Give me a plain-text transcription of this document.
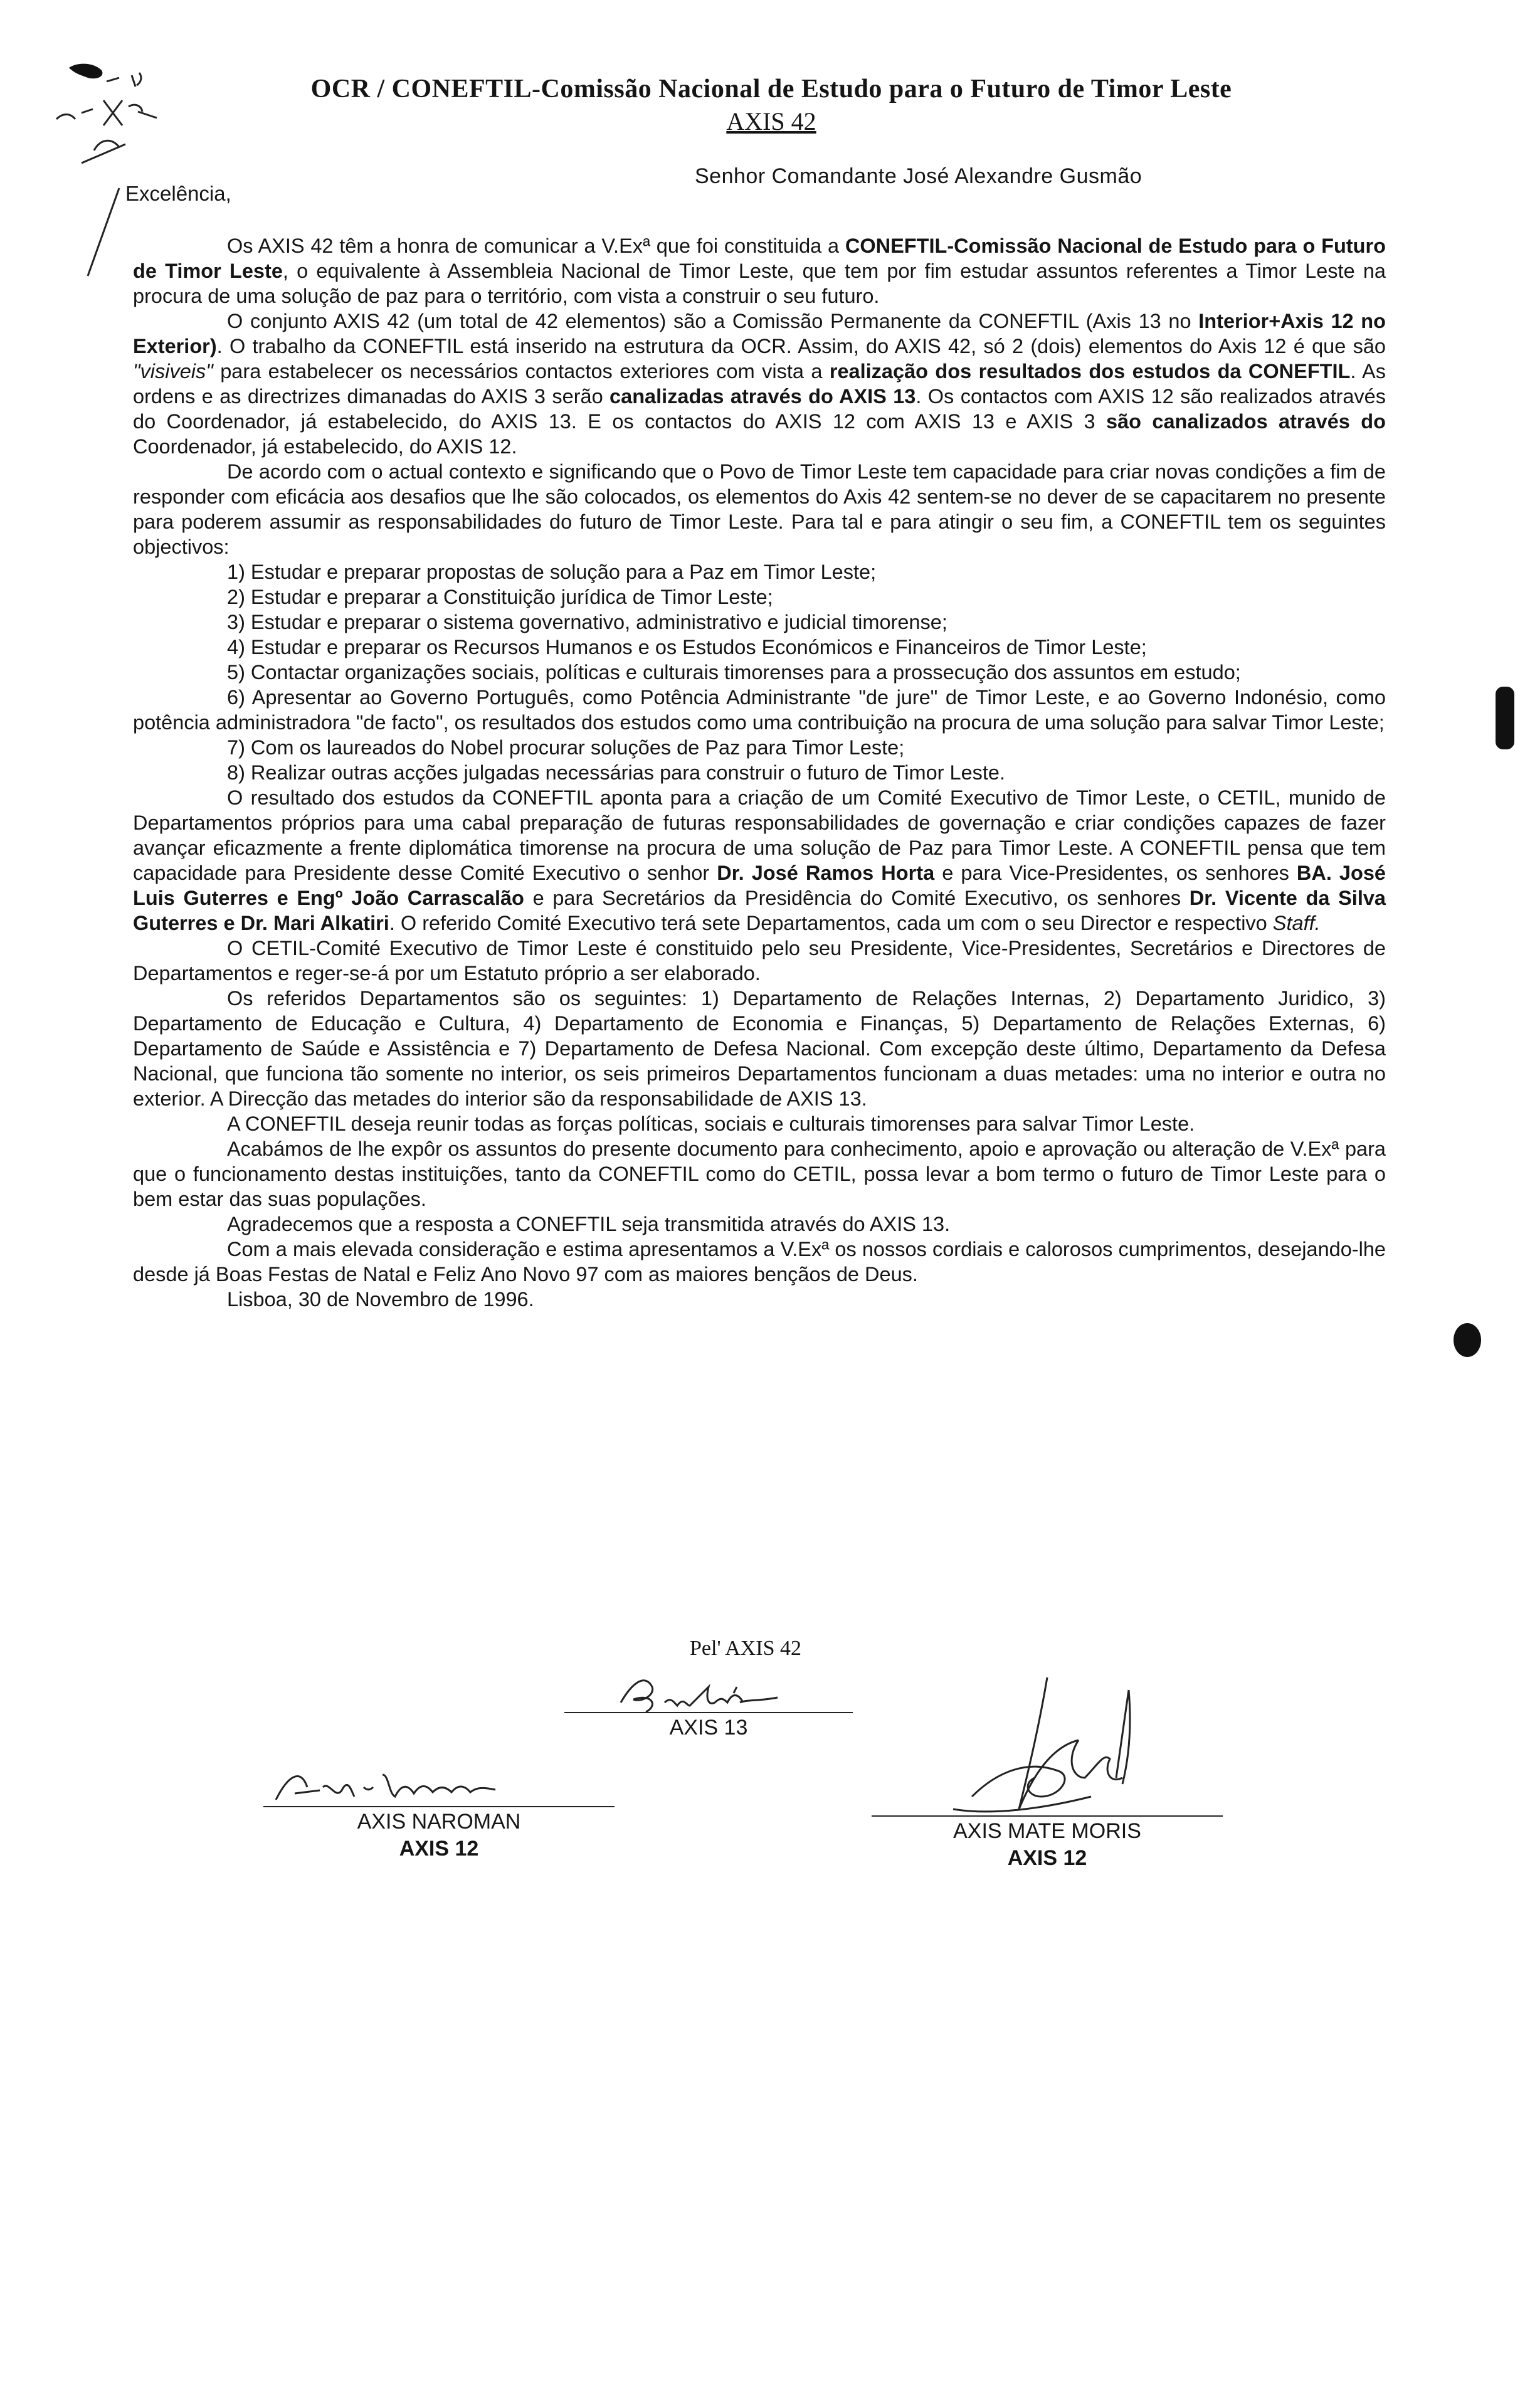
OCR / CONEFTIL-Comissão Nacional de Estudo para o Futuro de Timor Leste
AXIS 42
Senhor Comandante José Alexandre Gusmão
Excelência,

Os AXIS 42 têm a honra de comunicar a V.Exª que foi constituida a CONEFTIL-Comissão Nacional de Estudo para o Futuro de Timor Leste, o equivalente à Assembleia Nacional de Timor Leste, que tem por fim estudar assuntos referentes a Timor Leste na procura de uma solução de paz para o território, com vista a construir o seu futuro.

O conjunto AXIS 42 (um total de 42 elementos) são a Comissão Permanente da CONEFTIL (Axis 13 no Interior+Axis 12 no Exterior). O trabalho da CONEFTIL está inserido na estrutura da OCR. Assim, do AXIS 42, só 2 (dois) elementos do Axis 12 é que são "visiveis" para estabelecer os necessários contactos exteriores com vista a realização dos resultados dos estudos da CONEFTIL. As ordens e as directrizes dimanadas do AXIS 3 serão canalizadas através do AXIS 13. Os contactos com AXIS 12 são realizados através do Coordenador, já estabelecido, do AXIS 13. E os contactos do AXIS 12 com AXIS 13 e AXIS 3 são canalizados através do Coordenador, já estabelecido, do AXIS 12.

De acordo com o actual contexto e significando que o Povo de Timor Leste tem capacidade para criar novas condições a fim de responder com eficácia aos desafios que lhe são colocados, os elementos do Axis 42 sentem-se no dever de se capacitarem no presente para poderem assumir as responsabilidades do futuro de Timor Leste. Para tal e para atingir o seu fim, a CONEFTIL tem os seguintes objectivos:

1) Estudar e preparar propostas de solução para a Paz em Timor Leste;

2) Estudar e preparar a Constituição jurídica de Timor Leste;

3) Estudar e preparar o sistema governativo, administrativo e judicial timorense;

4) Estudar e preparar os Recursos Humanos e os Estudos Económicos e Financeiros de Timor Leste;

5) Contactar organizações sociais, políticas e culturais timorenses para a prossecução dos assuntos em estudo;

6) Apresentar ao Governo Português, como Potência Administrante "de jure" de Timor Leste, e ao Governo Indonésio, como potência administradora "de facto", os resultados dos estudos como uma contribuição na procura de uma solução para salvar Timor Leste;

7) Com os laureados do Nobel procurar soluções de Paz para Timor Leste;

8) Realizar outras acções julgadas necessárias para construir o futuro de Timor Leste.

O resultado dos estudos da CONEFTIL aponta para a criação de um Comité Executivo de Timor Leste, o CETIL, munido de Departamentos próprios para uma cabal preparação de futuras responsabilidades de governação e criar condições capazes de fazer avançar eficazmente a frente diplomática timorense na procura de uma solução de Paz para Timor Leste. A CONEFTIL pensa que tem capacidade para Presidente desse Comité Executivo o senhor Dr. José Ramos Horta e para Vice-Presidentes, os senhores BA. José Luis Guterres e Engº João Carrascalão e para Secretários da Presidência do Comité Executivo, os senhores Dr. Vicente da Silva Guterres e Dr. Mari Alkatiri. O referido Comité Executivo terá sete Departamentos, cada um com o seu Director e respectivo Staff.

O CETIL-Comité Executivo de Timor Leste é constituido pelo seu Presidente, Vice-Presidentes, Secretários e Directores de Departamentos e reger-se-á por um Estatuto próprio a ser elaborado.

Os referidos Departamentos são os seguintes: 1) Departamento de Relações Internas, 2) Departamento Juridico, 3) Departamento de Educação e Cultura, 4) Departamento de Economia e Finanças, 5) Departamento de Relações Externas, 6) Departamento de Saúde e Assistência e 7) Departamento de Defesa Nacional. Com excepção deste último, Departamento da Defesa Nacional, que funciona tão somente no interior, os seis primeiros Departamentos funcionam a duas metades: uma no interior e outra no exterior. A Direcção das metades do interior são da responsabilidade de AXIS 13.

A CONEFTIL deseja reunir todas as forças políticas, sociais e culturais timorenses para salvar Timor Leste.

Acabámos de lhe expôr os assuntos do presente documento para conhecimento, apoio e aprovação ou alteração de V.Exª para que o funcionamento destas instituições, tanto da CONEFTIL como do CETIL, possa levar a bom termo o futuro de Timor Leste para o bem estar das suas populações.

Agradecemos que a resposta a CONEFTIL seja transmitida através do AXIS 13.

Com a mais elevada consideração e estima apresentamos a V.Exª os nossos cordiais e calorosos cumprimentos, desejando-lhe desde já Boas Festas de Natal e Feliz Ano Novo 97 com as maiores bençãos de Deus.

Lisboa, 30 de Novembro de 1996.

Pel' AXIS 42
AXIS 13
AXIS NAROMAN
AXIS 12
AXIS MATE MORIS
AXIS 12
